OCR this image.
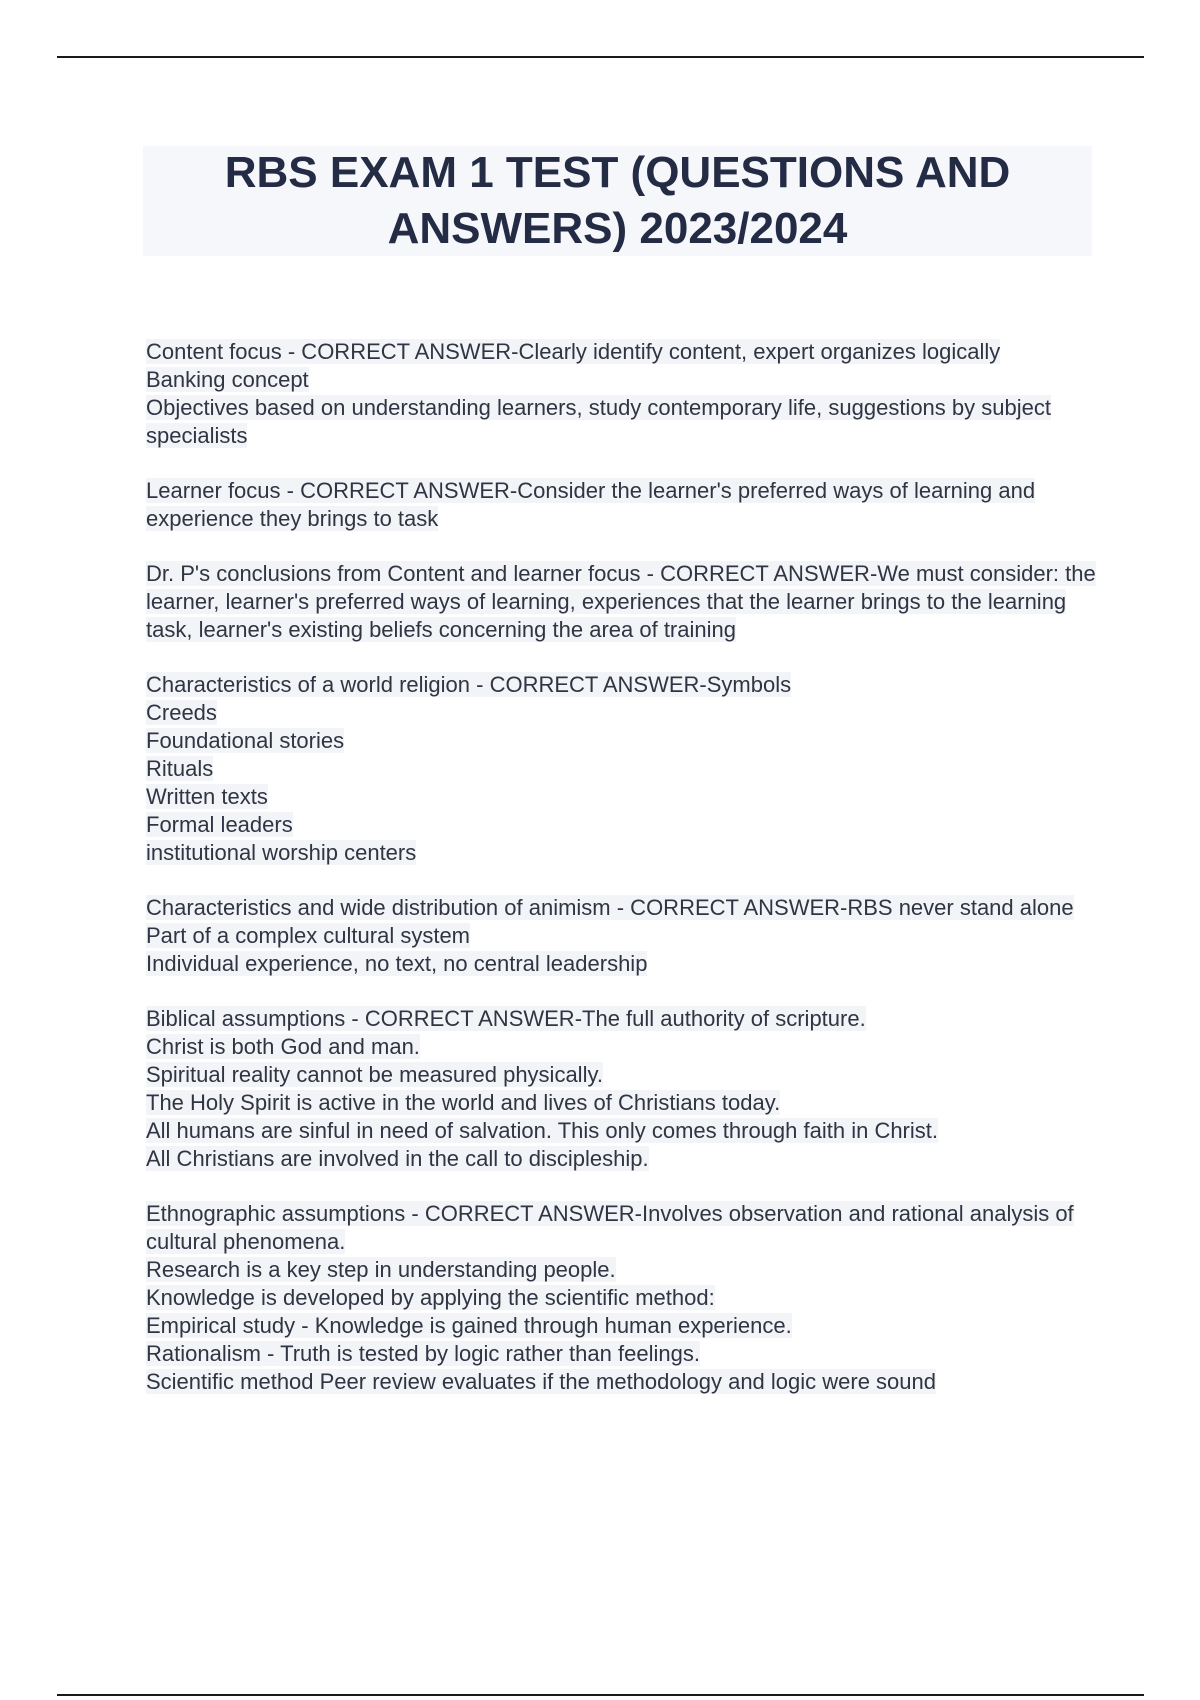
RBS EXAM 1 TEST (QUESTIONS AND ANSWERS) 2023/2024
Content focus - CORRECT ANSWER-Clearly identify content, expert organizes logically
Banking concept
Objectives based on understanding learners, study contemporary life, suggestions by subject specialists
Learner focus - CORRECT ANSWER-Consider the learner's preferred ways of learning and experience they brings to task
Dr. P's conclusions from Content and learner focus - CORRECT ANSWER-We must consider: the learner, learner's preferred ways of learning, experiences that the learner brings to the learning task, learner's existing beliefs concerning the area of training
Characteristics of a world religion - CORRECT ANSWER-Symbols
Creeds
Foundational stories
Rituals
Written texts
Formal leaders
institutional worship centers
Characteristics and wide distribution of animism - CORRECT ANSWER-RBS never stand alone
Part of a complex cultural system
Individual experience, no text, no central leadership
Biblical assumptions - CORRECT ANSWER-The full authority of scripture.
Christ is both God and man.
Spiritual reality cannot be measured physically.
The Holy Spirit is active in the world and lives of Christians today.
All humans are sinful in need of salvation. This only comes through faith in Christ.
All Christians are involved in the call to discipleship.
Ethnographic assumptions - CORRECT ANSWER-Involves observation and rational analysis of cultural phenomena.
Research is a key step in understanding people.
Knowledge is developed by applying the scientific method:
Empirical study - Knowledge is gained through human experience.
Rationalism - Truth is tested by logic rather than feelings.
Scientific method Peer review evaluates if the methodology and logic were sound
